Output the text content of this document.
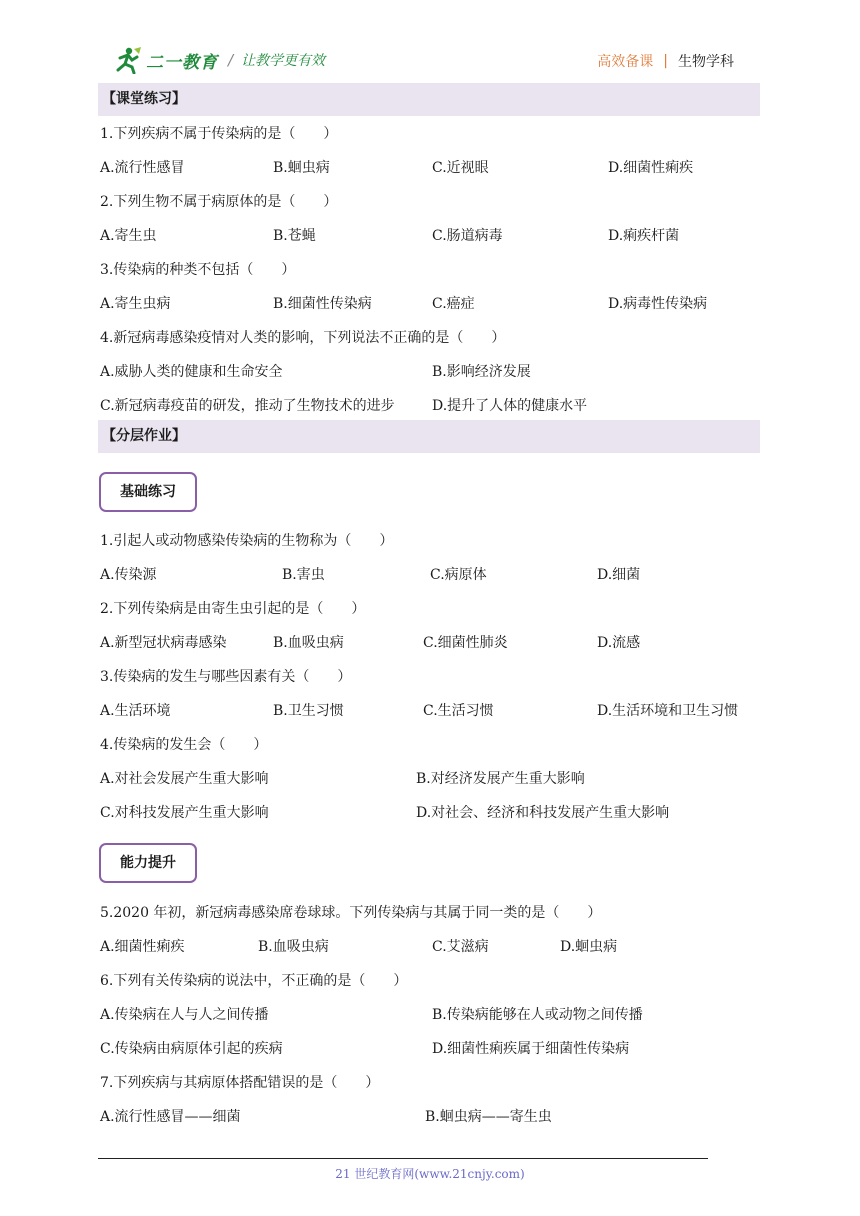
二一教育 / 让教学更有效	高效备课 | 生物学科
【课堂练习】
1.下列疾病不属于传染病的是（　　）
A.流行性感冒	B.蛔虫病	C.近视眼	D.细菌性痢疾
2.下列生物不属于病原体的是（　　）
A.寄生虫	B.苍蝇	C.肠道病毒	D.痢疾杆菌
3.传染病的种类不包括（　　）
A.寄生虫病	B.细菌性传染病	C.癌症	D.病毒性传染病
4.新冠病毒感染疫情对人类的影响，下列说法不正确的是（　　）
A.威胁人类的健康和生命安全	B.影响经济发展
C.新冠病毒疫苗的研发，推动了生物技术的进步	D.提升了人体的健康水平
【分层作业】
基础练习
1.引起人或动物感染传染病的生物称为（　　）
A.传染源	B.害虫	C.病原体	D.细菌
2.下列传染病是由寄生虫引起的是（　　）
A.新型冠状病毒感染	B.血吸虫病	C.细菌性肺炎	D.流感
3.传染病的发生与哪些因素有关（　　）
A.生活环境	B.卫生习惯	C.生活习惯	D.生活环境和卫生习惯
4.传染病的发生会（　　）
A.对社会发展产生重大影响	B.对经济发展产生重大影响
C.对科技发展产生重大影响	D.对社会、经济和科技发展产生重大影响
能力提升
5.2020 年初，新冠病毒感染席卷球球。下列传染病与其属于同一类的是（　　）
A.细菌性痢疾	B.血吸虫病	C.艾滋病	D.蛔虫病
6.下列有关传染病的说法中，不正确的是（　　）
A.传染病在人与人之间传播	B.传染病能够在人或动物之间传播
C.传染病由病原体引起的疾病	D.细菌性痢疾属于细菌性传染病
7.下列疾病与其病原体搭配错误的是（　　）
A.流行性感冒——细菌	B.蛔虫病——寄生虫
21 世纪教育网(www.21cnjy.com)
